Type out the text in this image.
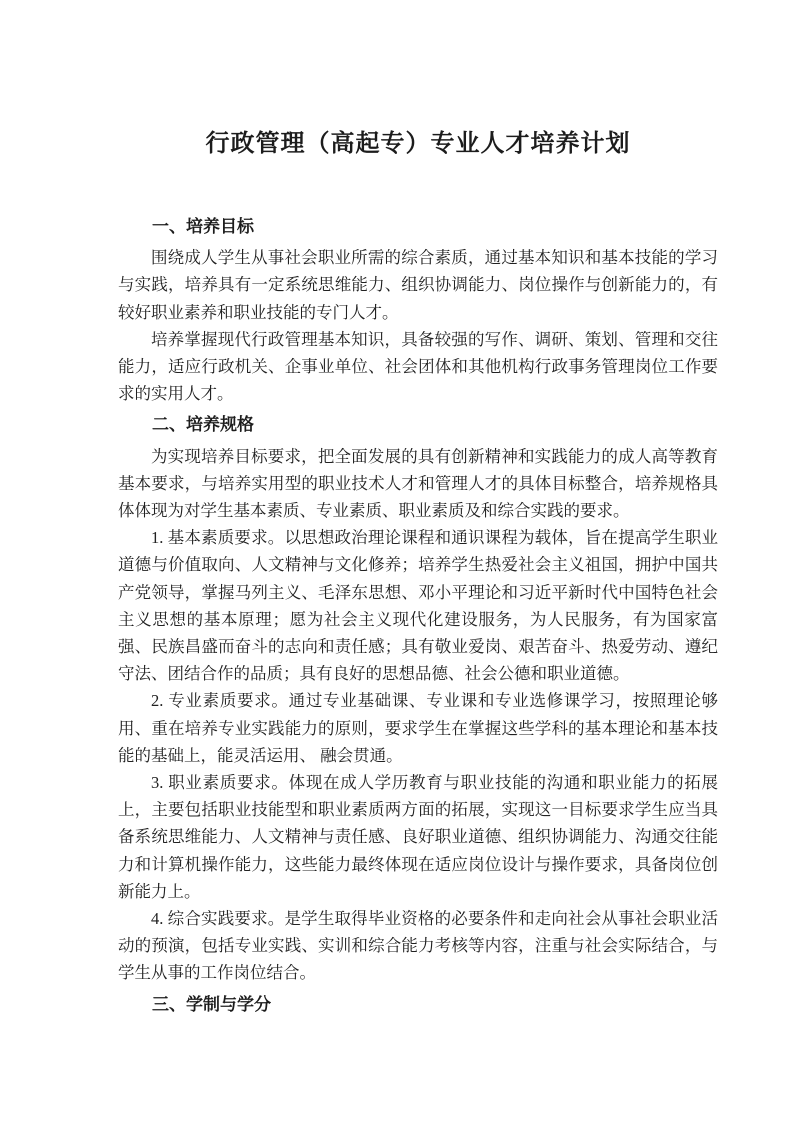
行政管理（高起专）专业人才培养计划
一、培养目标

围绕成人学生从事社会职业所需的综合素质，通过基本知识和基本技能的学习与实践，培养具有一定系统思维能力、组织协调能力、岗位操作与创新能力的，有较好职业素养和职业技能的专门人才。

培养掌握现代行政管理基本知识，具备较强的写作、调研、策划、管理和交往能力，适应行政机关、企事业单位、社会团体和其他机构行政事务管理岗位工作要求的实用人才。

二、培养规格

为实现培养目标要求，把全面发展的具有创新精神和实践能力的成人高等教育基本要求，与培养实用型的职业技术人才和管理人才的具体目标整合，培养规格具体体现为对学生基本素质、专业素质、职业素质及和综合实践的要求。

1. 基本素质要求。以思想政治理论课程和通识课程为载体，旨在提高学生职业道德与价值取向、人文精神与文化修养；培养学生热爱社会主义祖国，拥护中国共产党领导，掌握马列主义、毛泽东思想、邓小平理论和习近平新时代中国特色社会主义思想的基本原理；愿为社会主义现代化建设服务，为人民服务，有为国家富强、民族昌盛而奋斗的志向和责任感；具有敬业爱岗、艰苦奋斗、热爱劳动、遵纪守法、团结合作的品质；具有良好的思想品德、社会公德和职业道德。

2. 专业素质要求。通过专业基础课、专业课和专业选修课学习，按照理论够用、重在培养专业实践能力的原则，要求学生在掌握这些学科的基本理论和基本技能的基础上，能灵活运用、 融会贯通。

3. 职业素质要求。体现在成人学历教育与职业技能的沟通和职业能力的拓展上，主要包括职业技能型和职业素质两方面的拓展，实现这一目标要求学生应当具备系统思维能力、人文精神与责任感、良好职业道德、组织协调能力、沟通交往能力和计算机操作能力，这些能力最终体现在适应岗位设计与操作要求，具备岗位创新能力上。

4. 综合实践要求。是学生取得毕业资格的必要条件和走向社会从事社会职业活动的预演，包括专业实践、实训和综合能力考核等内容，注重与社会实际结合，与学生从事的工作岗位结合。

三、学制与学分
